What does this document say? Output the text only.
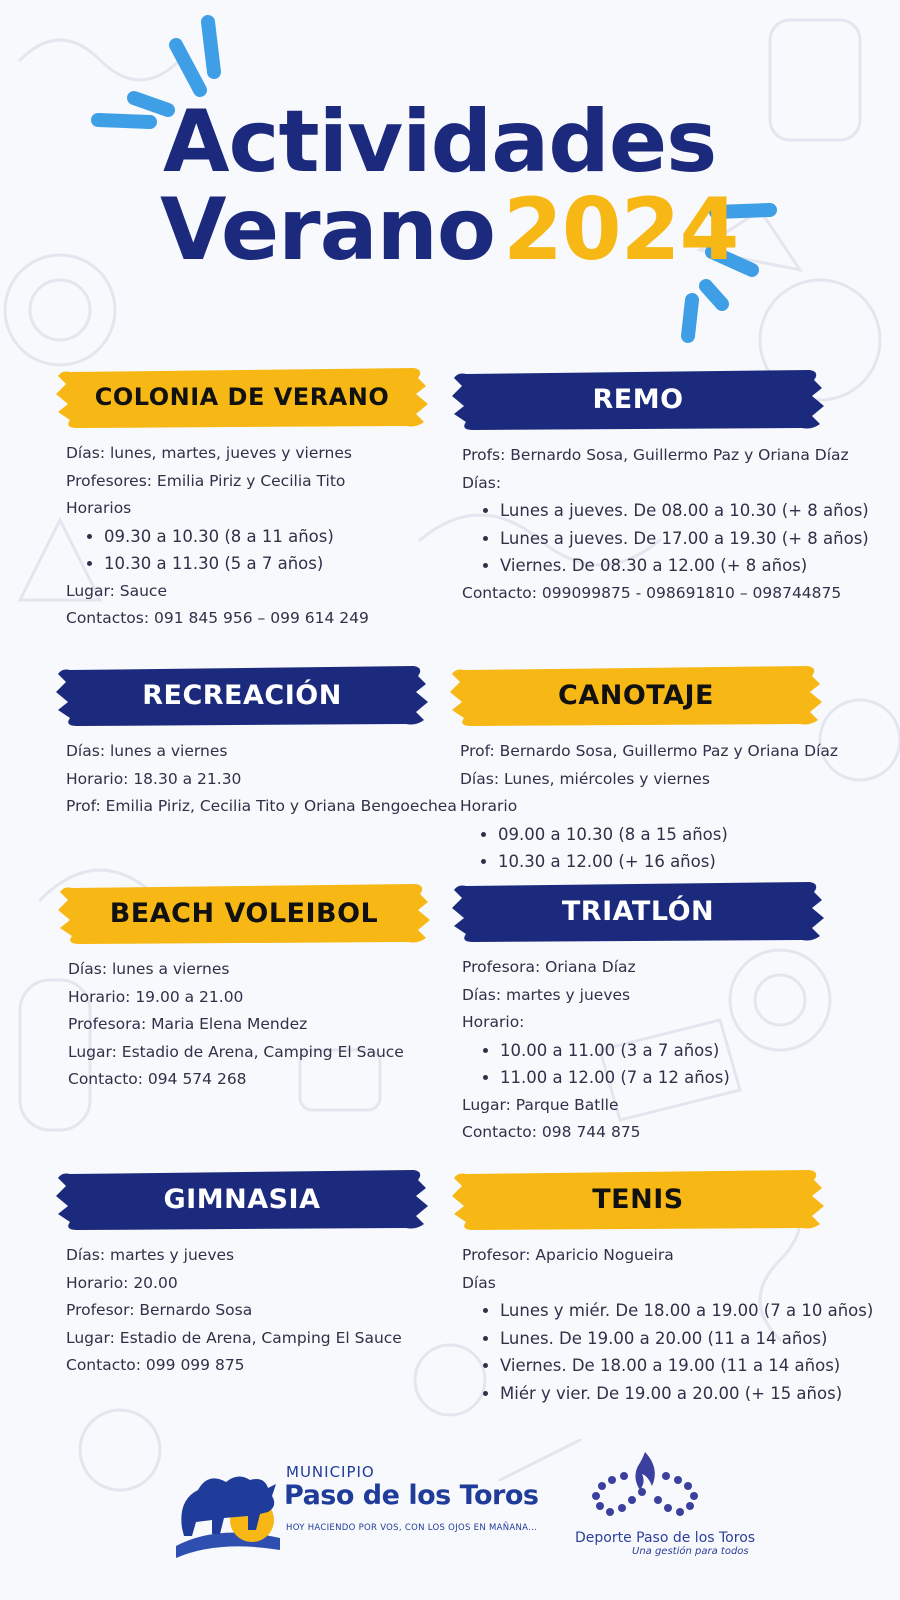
Actividades
Verano2024
COLONIA DE VERANO

Días: lunes, martes, jueves y viernes

Profesores: Emilia Piriz y Cecilia Tito

Horarios

• 09.30 a 10.30 (8 a 11 años)
• 10.30 a 11.30 (5 a 7 años)

Lugar: Sauce

Contactos: 091 845 956 – 099 614 249

REMO

Profs: Bernardo Sosa, Guillermo Paz y Oriana Díaz

Días:

• Lunes a jueves. De 08.00 a 10.30 (+ 8 años)
• Lunes a jueves. De 17.00 a 19.30 (+ 8 años)
• Viernes. De 08.30 a 12.00 (+ 8 años)

Contacto: 099099875 - 098691810 – 098744875

RECREACIÓN

Días: lunes a viernes

Horario: 18.30 a 21.30

Prof: Emilia Piriz, Cecilia Tito y Oriana Bengoechea

CANOTAJE

Prof: Bernardo Sosa, Guillermo Paz y Oriana Díaz

Días: Lunes, miércoles y viernes

Horario

• 09.00 a 10.30 (8 a 15 años)
• 10.30 a 12.00 (+ 16 años)
BEACH VOLEIBOL

Días: lunes a viernes

Horario: 19.00 a 21.00

Profesora: Maria Elena Mendez

Lugar: Estadio de Arena, Camping El Sauce

Contacto: 094 574 268

TRIATLÓN

Profesora: Oriana Díaz

Días: martes y jueves

Horario:

• 10.00 a 11.00 (3 a 7 años)
• 11.00 a 12.00 (7 a 12 años)

Lugar: Parque Batlle

Contacto: 098 744 875

GIMNASIA

Días: martes y jueves

Horario: 20.00

Profesor: Bernardo Sosa

Lugar: Estadio de Arena, Camping El Sauce

Contacto: 099 099 875

TENIS

Profesor: Aparicio Nogueira

Días

• Lunes y miér. De 18.00 a 19.00 (7 a 10 años)
• Lunes. De 19.00 a 20.00 (11 a 14 años)
• Viernes. De 18.00 a 19.00 (11 a 14 años)
• Miér y vier. De 19.00 a 20.00 (+ 15 años)
MUNICIPIO
Paso de los Toros
HOY HACIENDO POR VOS, CON LOS OJOS EN MAÑANA...
Deporte Paso de los Toros
Una gestión para todos
